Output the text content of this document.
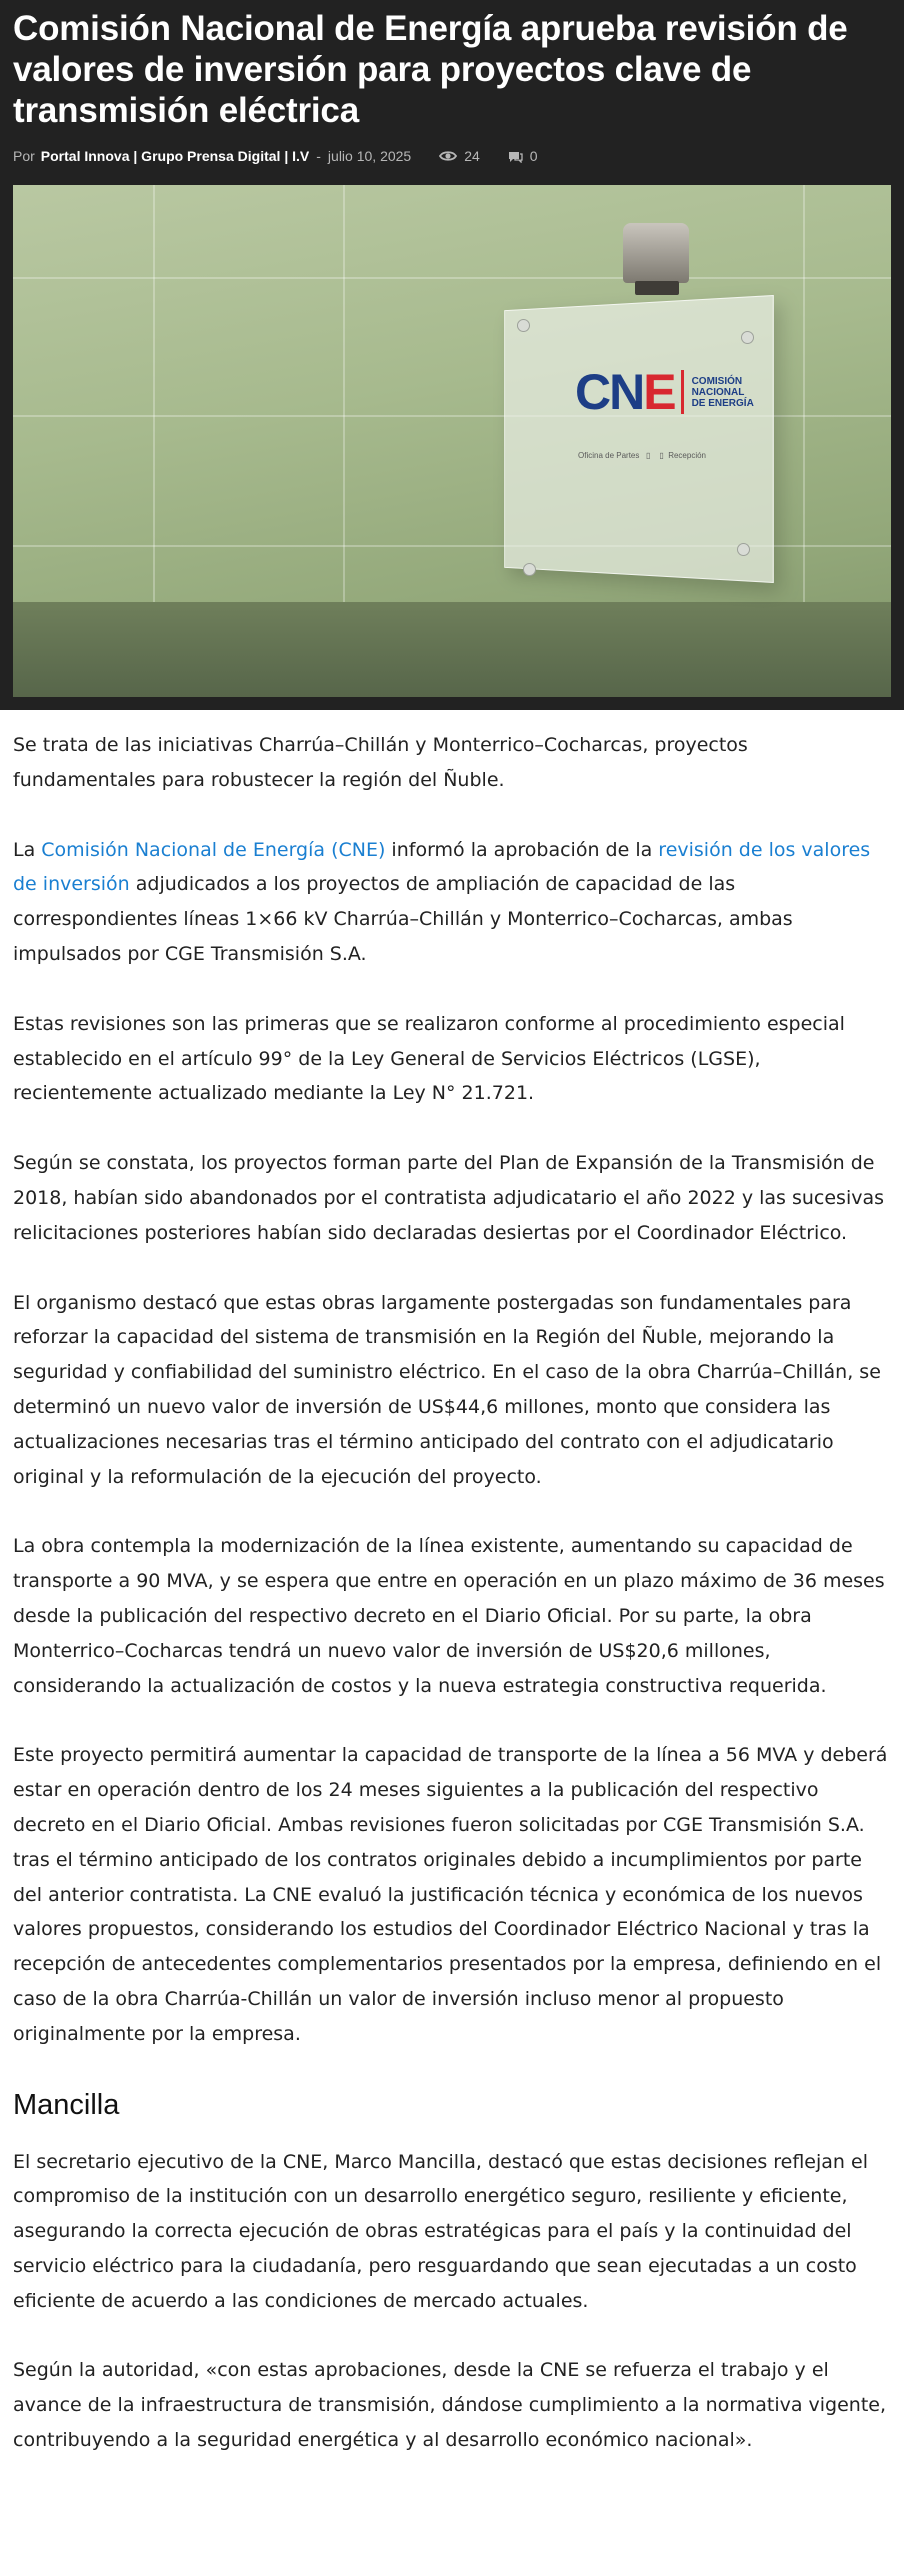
Comisión Nacional de Energía aprueba revisión de valores de inversión para proyectos clave de transmisión eléctrica
Por Portal Innova | Grupo Prensa Digital | I.V - julio 10, 2025	24	0
CNE COMISIÓN
NACIONAL
DE ENERGÍA
Oficina de Partes   ▯    ▯  Recepción

Se trata de las iniciativas Charrúa–Chillán y Monterrico–Cocharcas, proyectos fundamentales para robustecer la región del Ñuble.

La Comisión Nacional de Energía (CNE) informó la aprobación de la revisión de los valores de inversión adjudicados a los proyectos de ampliación de capacidad de las correspondientes líneas 1×66 kV Charrúa–Chillán y Monterrico–Cocharcas, ambas impulsados por CGE Transmisión S.A.

Estas revisiones son las primeras que se realizaron conforme al procedimiento especial establecido en el artículo 99° de la Ley General de Servicios Eléctricos (LGSE), recientemente actualizado mediante la Ley N° 21.721.

Según se constata, los proyectos forman parte del Plan de Expansión de la Transmisión de 2018, habían sido abandonados por el contratista adjudicatario el año 2022 y las sucesivas relicitaciones posteriores habían sido declaradas desiertas por el Coordinador Eléctrico.

El organismo destacó que estas obras largamente postergadas son fundamentales para reforzar la capacidad del sistema de transmisión en la Región del Ñuble, mejorando la seguridad y confiabilidad del suministro eléctrico. En el caso de la obra Charrúa–Chillán, se determinó un nuevo valor de inversión de US$44,6 millones, monto que considera las actualizaciones necesarias tras el término anticipado del contrato con el adjudicatario original y la reformulación de la ejecución del proyecto.

La obra contempla la modernización de la línea existente, aumentando su capacidad de transporte a 90 MVA, y se espera que entre en operación en un plazo máximo de 36 meses desde la publicación del respectivo decreto en el Diario Oficial. Por su parte, la obra Monterrico–Cocharcas tendrá un nuevo valor de inversión de US$20,6 millones, considerando la actualización de costos y la nueva estrategia constructiva requerida.

Este proyecto permitirá aumentar la capacidad de transporte de la línea a 56 MVA y deberá estar en operación dentro de los 24 meses siguientes a la publicación del respectivo decreto en el Diario Oficial. Ambas revisiones fueron solicitadas por CGE Transmisión S.A. tras el término anticipado de los contratos originales debido a incumplimientos por parte del anterior contratista. La CNE evaluó la justificación técnica y económica de los nuevos valores propuestos, considerando los estudios del Coordinador Eléctrico Nacional y tras la recepción de antecedentes complementarios presentados por la empresa, definiendo en el caso de la obra Charrúa-Chillán un valor de inversión incluso menor al propuesto originalmente por la empresa.

Mancilla

El secretario ejecutivo de la CNE, Marco Mancilla, destacó que estas decisiones reflejan el compromiso de la institución con un desarrollo energético seguro, resiliente y eficiente, asegurando la correcta ejecución de obras estratégicas para el país y la continuidad del servicio eléctrico para la ciudadanía, pero resguardando que sean ejecutadas a un costo eficiente de acuerdo a las condiciones de mercado actuales.

Según la autoridad, «con estas aprobaciones, desde la CNE se refuerza el trabajo y el avance de la infraestructura de transmisión, dándose cumplimiento a la normativa vigente, contribuyendo a la seguridad energética y al desarrollo económico nacional».
